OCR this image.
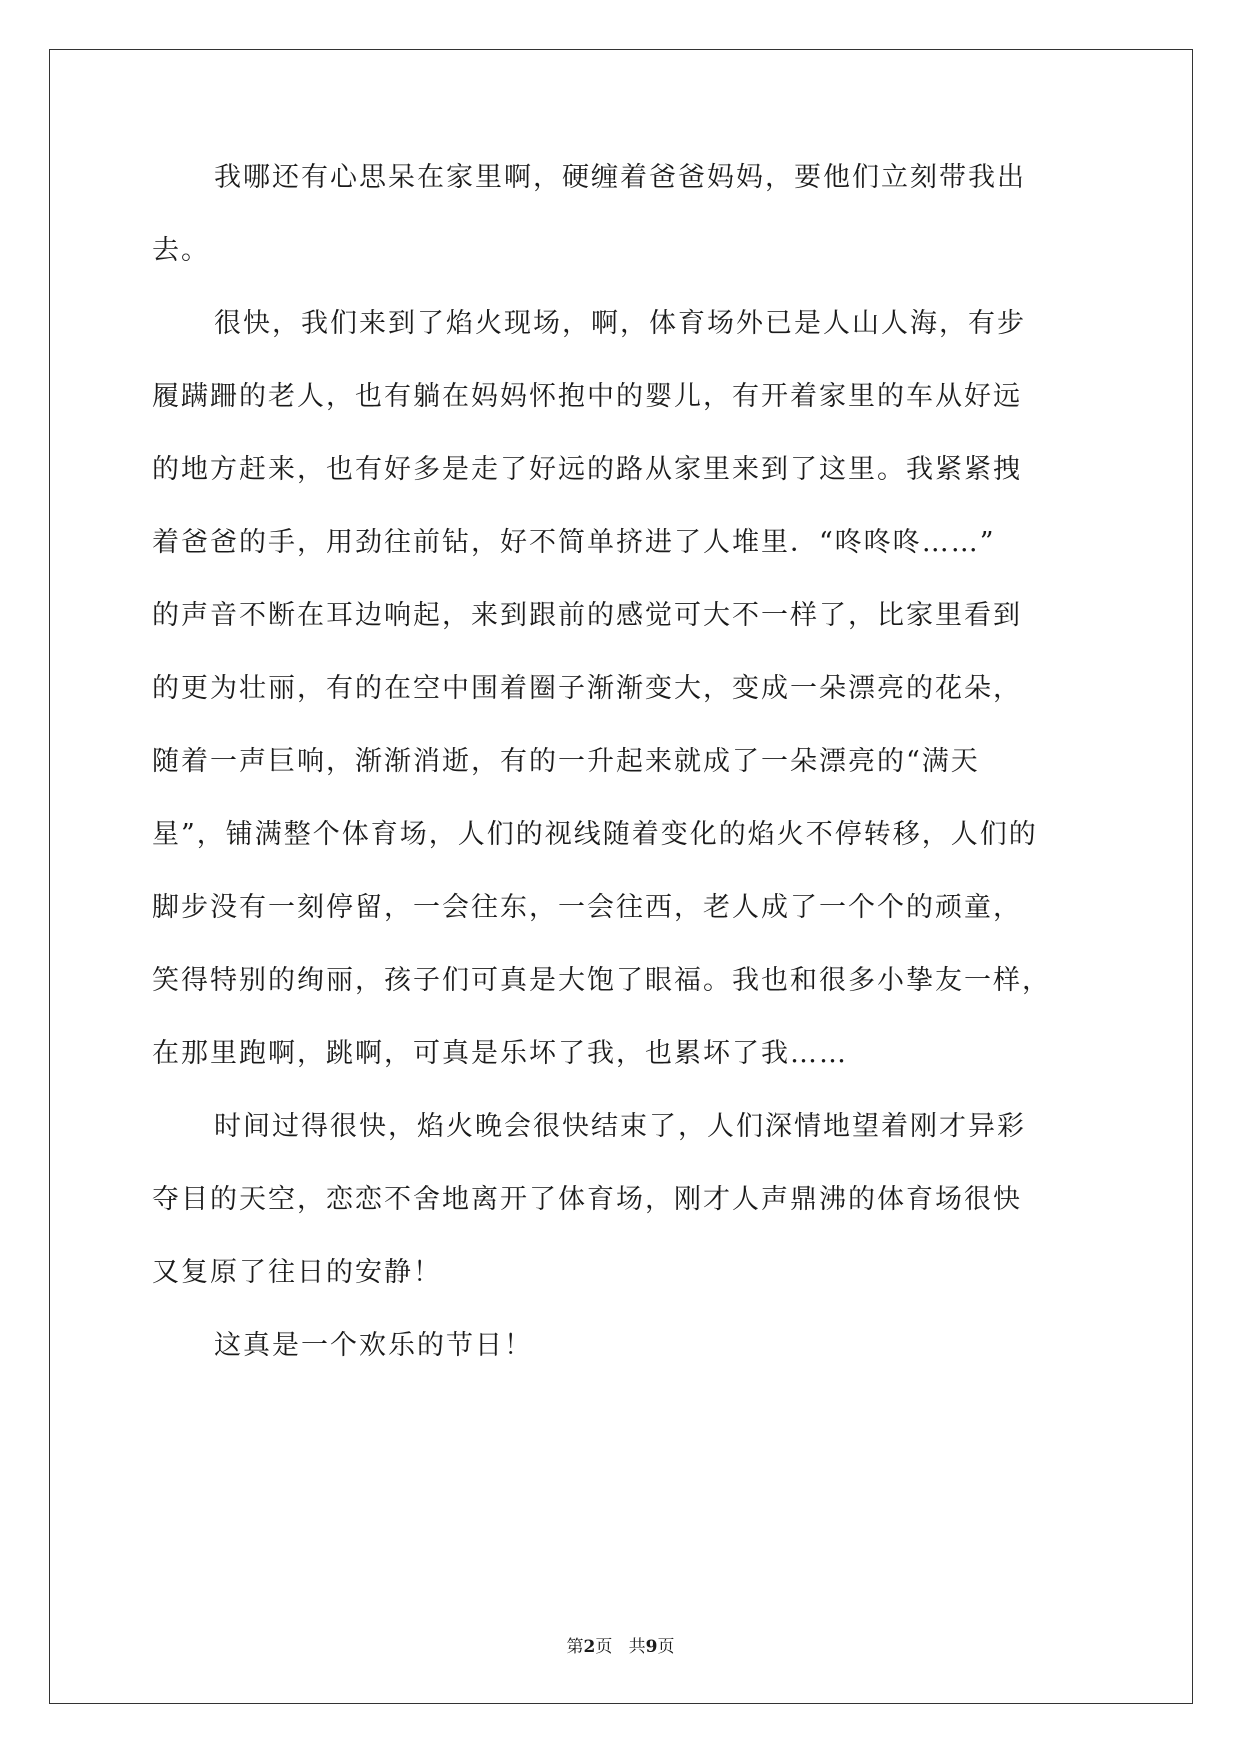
我哪还有心思呆在家里啊，硬缠着爸爸妈妈，要他们立刻带我出
去。
很快，我们来到了焰火现场，啊，体育场外已是人山人海，有步
履蹒跚的老人，也有躺在妈妈怀抱中的婴儿，有开着家里的车从好远
的地方赶来，也有好多是走了好远的路从家里来到了这里。我紧紧拽
着爸爸的手，用劲往前钻，好不简单挤进了人堆里．“咚咚咚……”
的声音不断在耳边响起，来到跟前的感觉可大不一样了，比家里看到
的更为壮丽，有的在空中围着圈子渐渐变大，变成一朵漂亮的花朵，
随着一声巨响，渐渐消逝，有的一升起来就成了一朵漂亮的“满天
星”，铺满整个体育场，人们的视线随着变化的焰火不停转移，人们的
脚步没有一刻停留，一会往东，一会往西，老人成了一个个的顽童，
笑得特别的绚丽，孩子们可真是大饱了眼福。我也和很多小挚友一样，
在那里跑啊，跳啊，可真是乐坏了我，也累坏了我……
时间过得很快，焰火晚会很快结束了，人们深情地望着刚才异彩
夺目的天空，恋恋不舍地离开了体育场，刚才人声鼎沸的体育场很快
又复原了往日的安静！
这真是一个欢乐的节日！
第2页 共9页
